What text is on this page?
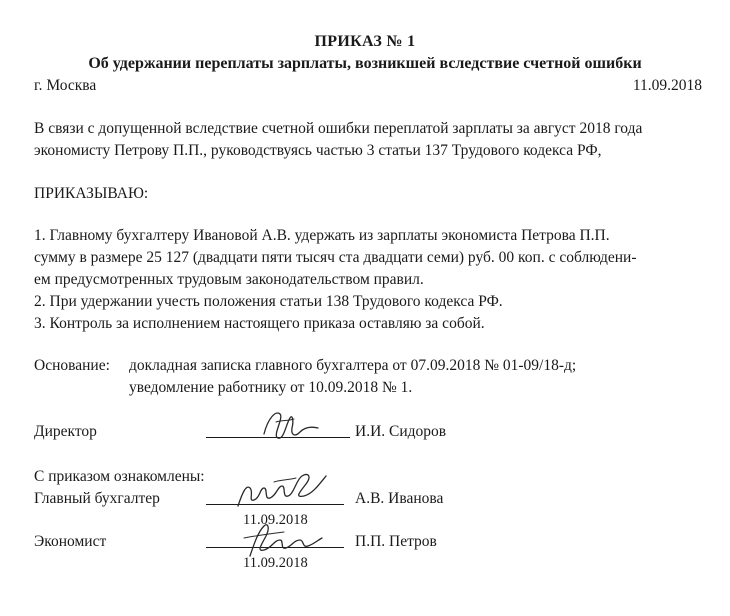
ПРИКАЗ № 1
Об удержании переплаты зарплаты, возникшей вследствие счетной ошибки
г. Москва	11.09.2018
В связи с допущенной вследствие счетной ошибки переплатой зарплаты за август 2018 года
экономисту Петрову П.П., руководствуясь частью 3 статьи 137 Трудового кодекса РФ,
ПРИКАЗЫВАЮ:
1. Главному бухгалтеру Ивановой А.В. удержать из зарплаты экономиста Петрова П.П.
сумму в размере 25 127 (двадцати пяти тысяч ста двадцати семи) руб. 00 коп. с соблюдени-
ем предусмотренных трудовым законодательством правил.
2. При удержании учесть положения статьи 138 Трудового кодекса РФ.
3. Контроль за исполнением настоящего приказа оставляю за собой.
Основание: докладная записка главного бухгалтера от 07.09.2018 № 01-09/18-д;
уведомление работнику от 10.09.2018 № 1.
Директор	И.И. Сидоров
С приказом ознакомлены:
Главный бухгалтер	А.В. Иванова
11.09.2018
Экономист	П.П. Петров
11.09.2018
